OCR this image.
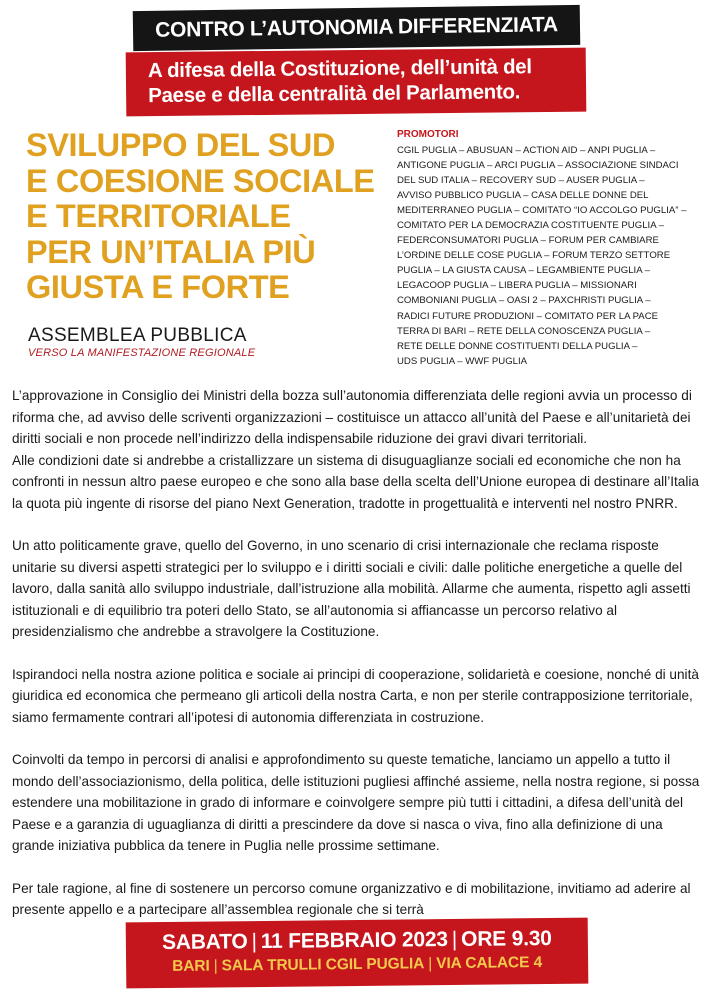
CONTRO L’AUTONOMIA DIFFERENZIATA
A difesa della Costituzione, dell’unità del
Paese e della centralità del Parlamento.
SVILUPPO DEL SUD
E COESIONE SOCIALE
E TERRITORIALE
PER UN’ITALIA PIÙ
GIUSTA E FORTE
ASSEMBLEA PUBBLICA
VERSO LA MANIFESTAZIONE REGIONALE
PROMOTORI
CGIL PUGLIA – ABUSUAN – ACTION AID – ANPI PUGLIA –
ANTIGONE PUGLIA – ARCI PUGLIA – ASSOCIAZIONE SINDACI
DEL SUD ITALIA – RECOVERY SUD – AUSER PUGLIA –
AVVISO PUBBLICO PUGLIA – CASA DELLE DONNE DEL
MEDITERRANEO PUGLIA – COMITATO “IO ACCOLGO PUGLIA” –
COMITATO PER LA DEMOCRAZIA COSTITUENTE PUGLIA –
FEDERCONSUMATORI PUGLIA – FORUM PER CAMBIARE
L’ORDINE DELLE COSE PUGLIA – FORUM TERZO SETTORE
PUGLIA – LA GIUSTA CAUSA – LEGAMBIENTE PUGLIA –
LEGACOOP PUGLIA – LIBERA PUGLIA – MISSIONARI
COMBONIANI PUGLIA – OASI 2 – PAXCHRISTI PUGLIA –
RADICI FUTURE PRODUZIONI – COMITATO PER LA PACE
TERRA DI BARI – RETE DELLA CONOSCENZA PUGLIA –
RETE DELLE DONNE COSTITUENTI DELLA PUGLIA –
UDS PUGLIA – WWF PUGLIA

L’approvazione in Consiglio dei Ministri della bozza sull’autonomia differenziata delle regioni avvia un processo di riforma che, ad avviso delle scriventi organizzazioni – costituisce un attacco all’unità del Paese e all’unitarietà dei diritti sociali e non procede nell’indirizzo della indispensabile riduzione dei gravi divari territoriali.

Alle condizioni date si andrebbe a cristallizzare un sistema di disuguaglianze sociali ed economiche che non ha confronti in nessun altro paese europeo e che sono alla base della scelta dell’Unione europea di destinare all’Italia la quota più ingente di risorse del piano Next Generation, tradotte in progettualità e interventi nel nostro PNRR.

Un atto politicamente grave, quello del Governo, in uno scenario di crisi internazionale che reclama risposte unitarie su diversi aspetti strategici per lo sviluppo e i diritti sociali e civili: dalle politiche energetiche a quelle del lavoro, dalla sanità allo sviluppo industriale, dall’istruzione alla mobilità. Allarme che aumenta, rispetto agli assetti istituzionali e di equilibrio tra poteri dello Stato, se all’autonomia si affiancasse un percorso relativo al presidenzialismo che andrebbe a stravolgere la Costituzione.

Ispirandoci nella nostra azione politica e sociale ai principi di cooperazione, solidarietà e coesione, nonché di unità giuridica ed economica che permeano gli articoli della nostra Carta, e non per sterile contrapposizione territoriale, siamo fermamente contrari all’ipotesi di autonomia differenziata in costruzione.

Coinvolti da tempo in percorsi di analisi e approfondimento su queste tematiche, lanciamo un appello a tutto il mondo dell’associazionismo, della politica, delle istituzioni pugliesi affinché assieme, nella nostra regione, si possa estendere una mobilitazione in grado di informare e coinvolgere sempre più tutti i cittadini, a difesa dell’unità del Paese e a garanzia di uguaglianza di diritti a prescindere da dove si nasca o viva, fino alla definizione di una grande iniziativa pubblica da tenere in Puglia nelle prossime settimane.

Per tale ragione, al fine di sostenere un percorso comune organizzativo e di mobilitazione, invitiamo ad aderire al presente appello e a partecipare all’assemblea regionale che si terrà

SABATO | 11 FEBBRAIO 2023 | ORE 9.30
BARI | SALA TRULLI CGIL PUGLIA | VIA CALACE 4
